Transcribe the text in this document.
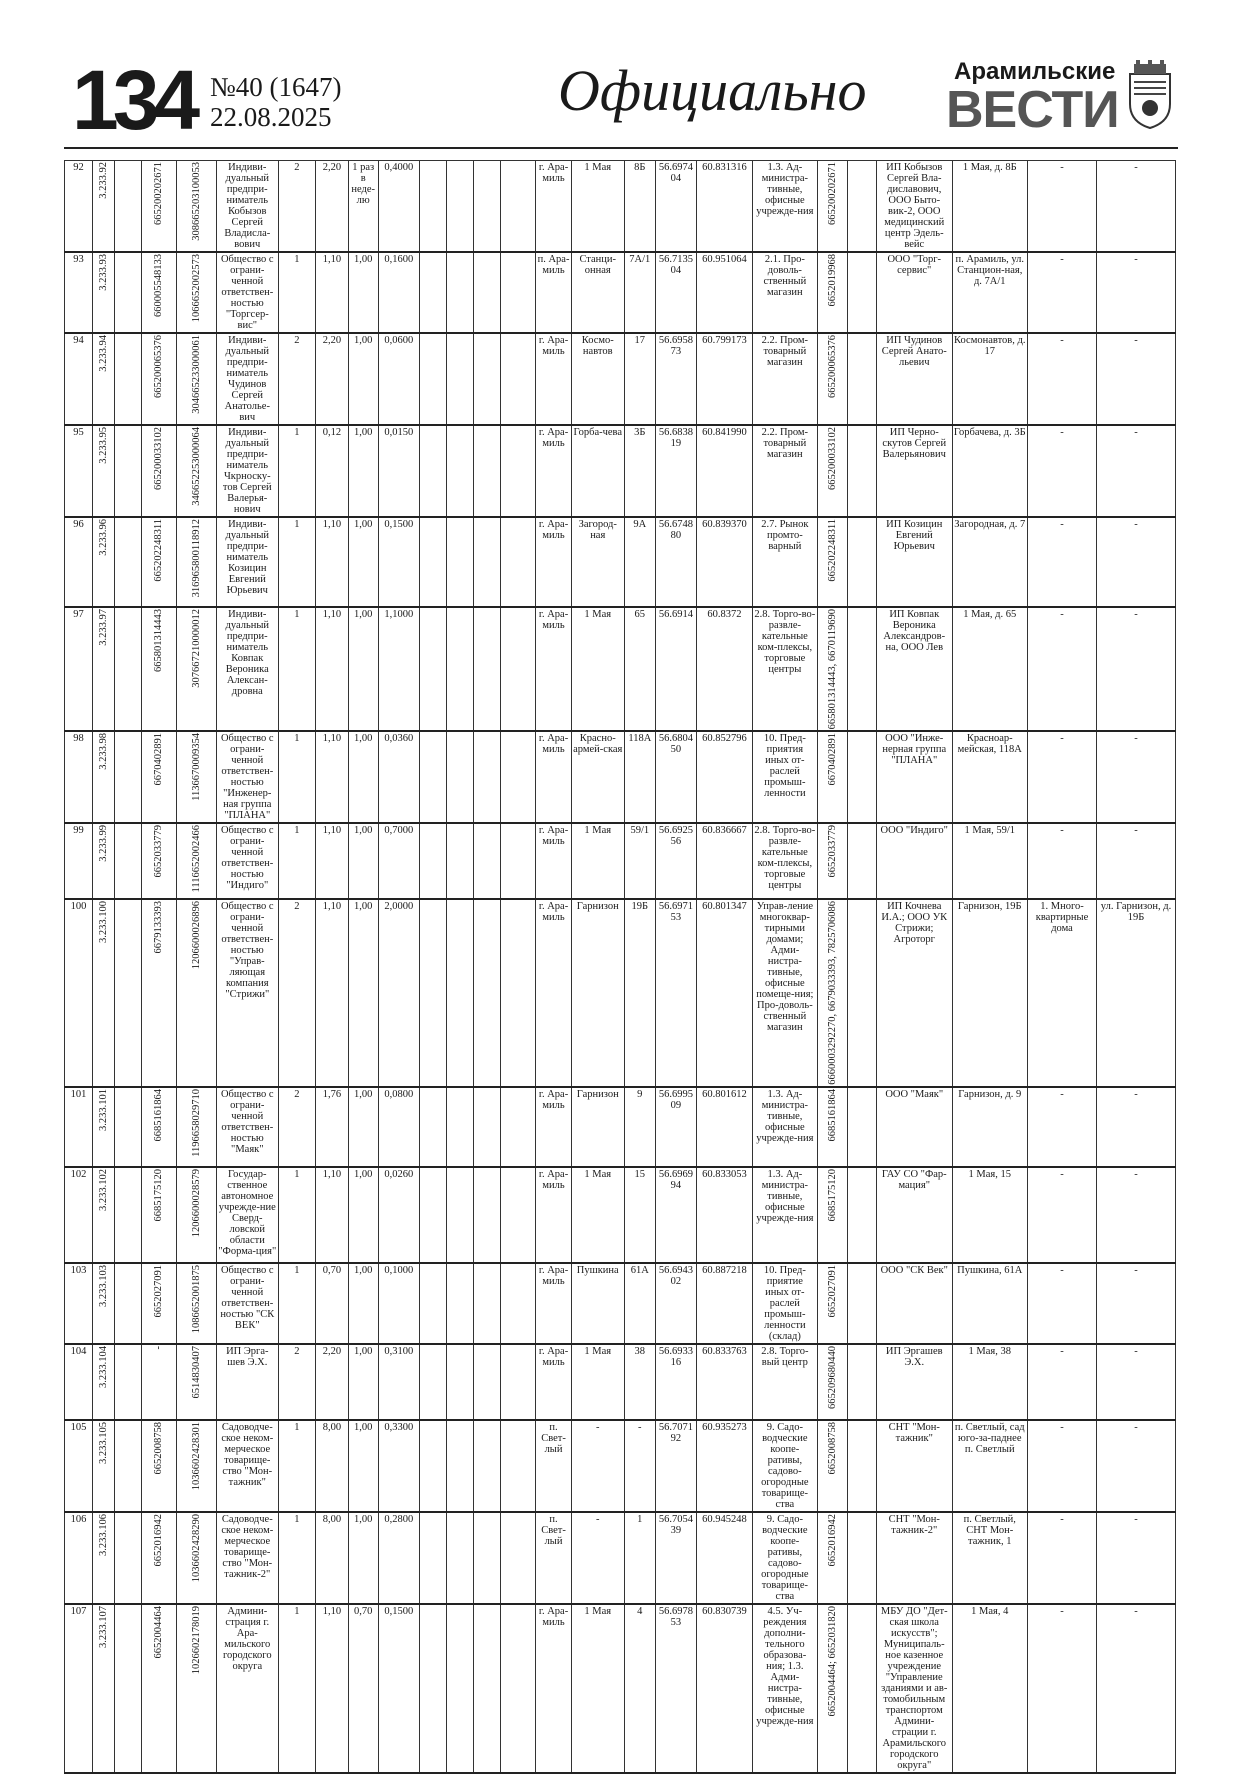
134 №40 (1647)
22.08.2025	Официально	Арамильские
ВЕСТИ
92	3.233.92		665200202671	308665203100053	Индиви-дуальный предпри-ниматель Кобызов Сергей Владисла-вович	2	2,20	1 раз в неде-лю	0,4000					г. Ара-миль	1 Мая	8Б	56.697404	60.831316	1.3. Ад-министра-тивные, офисные учрежде-ния	665200202671		ИП Кобызов Сергей Вла-диславович, ООО Быто-вик-2, ООО медицинский центр Эдель-вейс	1 Мая, д. 8Б	-	-
93	3.233.93		660005548133	1066652002573	Общество с ограни-ченной ответствен-ностью "Торгсер-вис"	1	1,10	1,00	0,1600					п. Ара-миль	Станци-онная	7А/1	56.713504	60.951064	2.1. Про-доволь-ственный магазин	6652019968		ООО "Торг-сервис"	п. Арамиль, ул. Станцион-ная, д. 7А/1	-	-
94	3.233.94		665200065376	304665233000061	Индиви-дуальный предпри-ниматель Чудинов Сергей Анатолье-вич	2	2,20	1,00	0,0600					г. Ара-миль	Космо-навтов	17	56.695873	60.799173	2.2. Пром-товарный магазин	665200065376		ИП Чудинов Сергей Анато-льевич	Космонавтов, д. 17	-	-
95	3.233.95		665200033102	346652253000064	Индиви-дуальный предпри-ниматель Чкрноску-тов Сергей Валерья-нович	1	0,12	1,00	0,0150					г. Ара-миль	Горба-чева	3Б	56.683819	60.841990	2.2. Пром-товарный магазин	665200033102		ИП Черно-скутов Сергей Валерьянович	Горбачева, д. 3Б	-	-
96	3.233.96		665202248311	316965800118912	Индиви-дуальный предпри-ниматель Козицин Евгений Юрьевич	1	1,10	1,00	0,1500					г. Ара-миль	Загород-ная	9А	56.674880	60.839370	2.7. Рынок промто-варный	665202248311		ИП Козицин Евгений Юрьевич	Загородная, д. 7	-	-
97	3.233.97		665801314443	307667210000012	Индиви-дуальный предпри-ниматель Ковпак Вероника Алексан-дровна	1	1,10	1,00	1,1000					г. Ара-миль	1 Мая	65	56.6914	60.8372	2.8. Торго-во-развле-кательные ком-плексы, торговые центры	665801314443, 6670119690		ИП Ковпак Вероника Александров-на, ООО Лев	1 Мая, д. 65	-	-
98	3.233.98		6670402891	1136670009354	Общество с ограни-ченной ответствен-ностью "Инженер-ная группа "ПЛАНА"	1	1,10	1,00	0,0360					г. Ара-миль	Красно-армей-ская	118А	56.680450	60.852796	10. Пред-приятия иных от-раслей промыш-ленности	6670402891		ООО "Инже-нерная группа "ПЛАНА"	Красноар-мейская, 118А	-	-
99	3.233.99		6652033779	1116652002466	Общество с ограни-ченной ответствен-ностью "Индиго"	1	1,10	1,00	0,7000					г. Ара-миль	1 Мая	59/1	56.692556	60.836667	2.8. Торго-во-развле-кательные ком-плексы, торговые центры	6652033779		ООО "Индиго"	1 Мая, 59/1	-	-
100	3.233.100		6679133393	1206600026896	Общество с ограни-ченной ответствен-ностью "Управ-ляющая компания "Стрижи"	2	1,10	1,00	2,0000					г. Ара-миль	Гарнизон	19Б	56.697153	60.801347	Управ-ление многоквар-тирными домами; Адми-нистра-тивные, офисные помеще-ния; Про-доволь-ственный магазин	6660003292270, 6679033393, 7825706086		ИП Кочнева И.А.; ООО УК Стрижи; Агроторг	Гарнизон, 19Б	1. Много-квартирные дома	ул. Гарнизон, д. 19Б
101	3.233.101		6685161864	1196658029710	Общество с ограни-ченной ответствен-ностью "Маяк"	2	1,76	1,00	0,0800					г. Ара-миль	Гарнизон	9	56.699509	60.801612	1.3. Ад-министра-тивные, офисные учрежде-ния	6685161864		ООО "Маяк"	Гарнизон, д. 9	-	-
102	3.233.102		6685175120	1206600028579	Государ-ственное автономное учрежде-ние Сверд-ловской области "Форма-ция"	1	1,10	1,00	0,0260					г. Ара-миль	1 Мая	15	56.696994	60.833053	1.3. Ад-министра-тивные, офисные учрежде-ния	6685175120		ГАУ СО "Фар-мация"	1 Мая, 15	-	-
103	3.233.103		6652027091	1086652001875	Общество с ограни-ченной ответствен-ностью "СК ВЕК"	1	0,70	1,00	0,1000					г. Ара-миль	Пушкина	61А	56.694302	60.887218	10. Пред-приятие иных от-раслей промыш-ленности (склад)	6652027091		ООО "СК Век"	Пушкина, 61А	-	-
104	3.233.104		-	6514830407	ИП Эрга-шев Э.Х.	2	2,20	1,00	0,3100					г. Ара-миль	1 Мая	38	56.693316	60.833763	2.8. Торго-вый центр	665209680440		ИП Эргашев Э.Х.	1 Мая, 38	-	-
105	3.233.105		6652008758	1036602428301	Садоводче-ское неком-мерческое товарище-ство "Мон-тажник"	1	8,00	1,00	0,3300					п. Свет-лый	-	-	56.707192	60.935273	9. Садо-водческие коопе-ративы, садово-огородные товарище-ства	6652008758		СНТ "Мон-тажник"	п. Светлый, сад юго-за-паднее п. Светлый	-	-
106	3.233.106		6652016942	1036602428290	Садоводче-ское неком-мерческое товарище-ство "Мон-тажник-2"	1	8,00	1,00	0,2800					п. Свет-лый	-	1	56.705439	60.945248	9. Садо-водческие коопе-ративы, садово-огородные товарище-ства	6652016942		СНТ "Мон-тажник-2"	п. Светлый, СНТ Мон-тажник, 1	-	-
107	3.233.107		6652004464	1026602178019	Админи-страция г. Ара-мильского городского округа	1	1,10	0,70	0,1500					г. Ара-миль	1 Мая	4	56.697853	60.830739	4.5. Уч-реждения дополни-тельного образова-ния; 1.3. Адми-нистра-тивные, офисные учрежде-ния	6652004464; 6652031820		МБУ ДО "Дет-ская школа искусств"; Муниципаль-ное казенное учреждение "Управление зданиями и ав-томобильным транспортом Админи-страции г. Арамильского городского округа"	1 Мая, 4	-	-
